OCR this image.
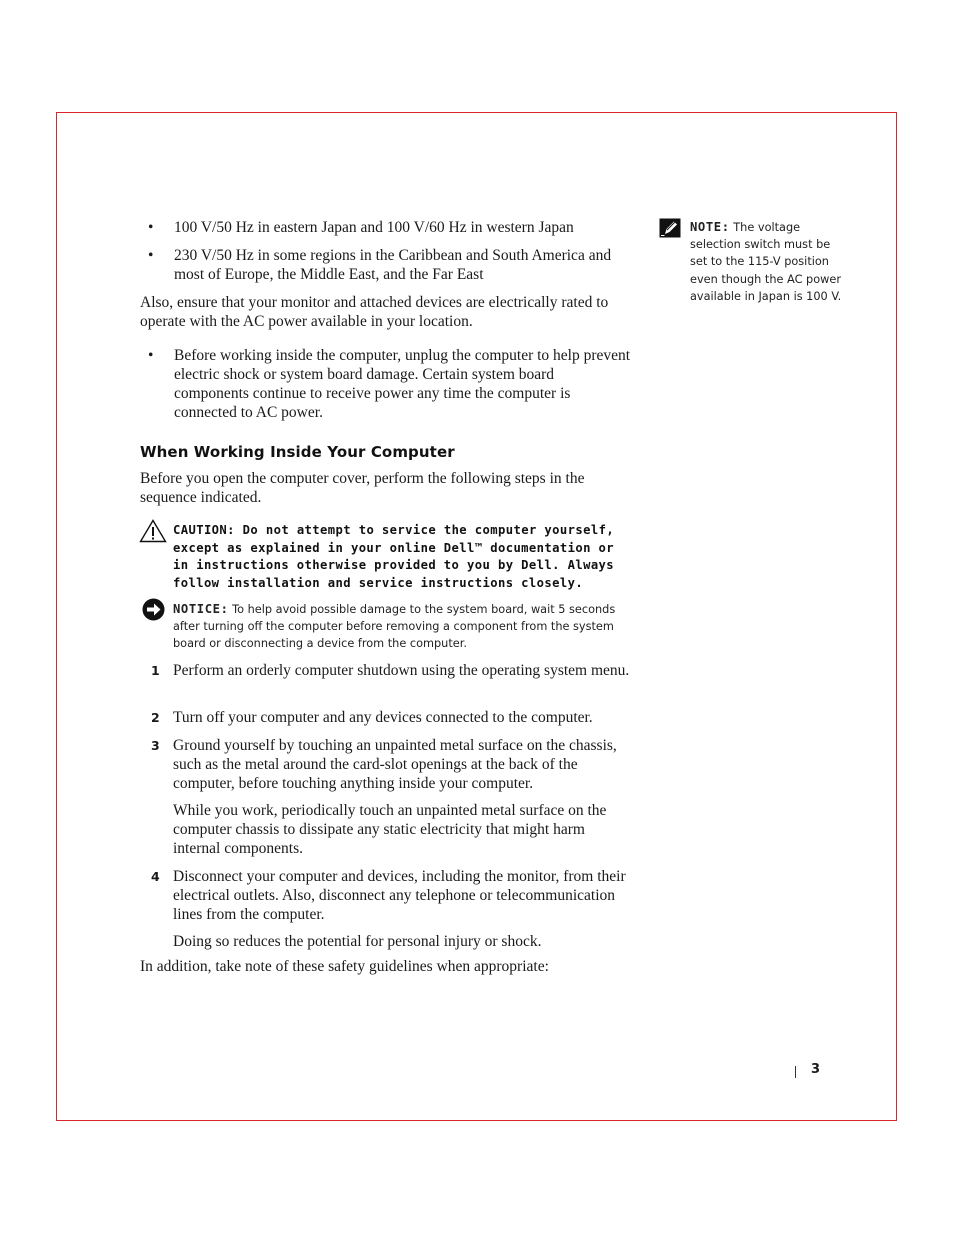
• 100 V/50 Hz in eastern Japan and 100 V/60 Hz in western Japan
• 230 V/50 Hz in some regions in the Caribbean and South America and most of Europe, the Middle East, and the Far East
Also, ensure that your monitor and attached devices are electrically rated to operate with the AC power available in your location.
• Before working inside the computer, unplug the computer to help prevent electric shock or system board damage. Certain system board components continue to receive power any time the computer is connected to AC power.
When Working Inside Your Computer
Before you open the computer cover, perform the following steps in the sequence indicated.
CAUTION: Do not attempt to service the computer yourself, except as explained in your online Dell™ documentation or in instructions otherwise provided to you by Dell. Always follow installation and service instructions closely.
NOTICE: To help avoid possible damage to the system board, wait 5 seconds after turning off the computer before removing a component from the system board or disconnecting a device from the computer.
1 Perform an orderly computer shutdown using the operating system menu.
2 Turn off your computer and any devices connected to the computer.
3 Ground yourself by touching an unpainted metal surface on the chassis, such as the metal around the card-slot openings at the back of the computer, before touching anything inside your computer.
While you work, periodically touch an unpainted metal surface on the computer chassis to dissipate any static electricity that might harm internal components.
4 Disconnect your computer and devices, including the monitor, from their electrical outlets. Also, disconnect any telephone or telecommunication lines from the computer.
Doing so reduces the potential for personal injury or shock.
In addition, take note of these safety guidelines when appropriate:
NOTE: The voltage selection switch must be set to the 115-V position even though the AC power available in Japan is 100 V.
3
